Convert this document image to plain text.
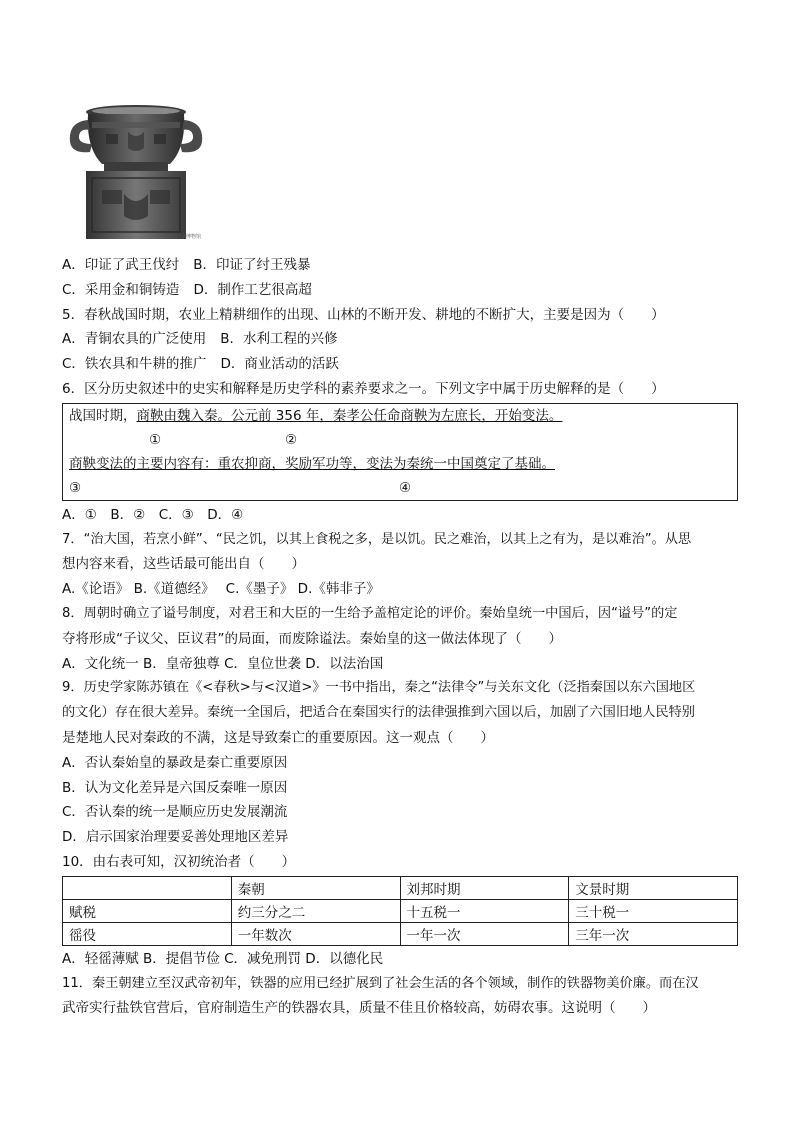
中国国家博物馆
A．印证了武王伐纣 B．印证了纣王残暴
C．采用金和铜铸造 D．制作工艺很高超
5．春秋战国时期，农业上精耕细作的出现、山林的不断开发、耕地的不断扩大，主要是因为（　　）
A．青铜农具的广泛使用 B．水利工程的兴修
C．铁农具和牛耕的推广 D．商业活动的活跃
6．区分历史叙述中的史实和解释是历史学科的素养要求之一。下列文字中属于历史解释的是（　　）
战国时期，商鞅由魏入秦。公元前 356 年，秦孝公任命商鞅为左庶长，开始变法。
①	②
商鞅变法的主要内容有：重农抑商，奖励军功等，变法为秦统一中国奠定了基础。
③	④
A．①　B．②　C．③　D．④
7．“治大国，若烹小鲜”、“民之饥，以其上食税之多，是以饥。民之难治，以其上之有为，是以难治”。从思
想内容来看，这些话最可能出自（　　）
A.《论语》 B.《道德经》　 C.《墨子》 D.《韩非子》
8．周朝时确立了谥号制度，对君王和大臣的一生给予盖棺定论的评价。秦始皇统一中国后，因“谥号”的定
夺将形成“子议父、臣议君”的局面，而废除谥法。秦始皇的这一做法体现了（　　）
A．文化统一 B．皇帝独尊 C．皇位世袭 D．以法治国
9．历史学家陈苏镇在《<春秋>与<汉道>》一书中指出，秦之“法律令”与关东文化（泛指秦国以东六国地区
的文化）存在很大差异。秦统一全国后，把适合在秦国实行的法律强推到六国以后，加剧了六国旧地人民特别
是楚地人民对秦政的不满，这是导致秦亡的重要原因。这一观点（　　）
A．否认秦始皇的暴政是秦亡重要原因
B．认为文化差异是六国反秦唯一原因
C．否认秦的统一是顺应历史发展潮流
D．启示国家治理要妥善处理地区差异
10．由右表可知，汉初统治者（　　）
	秦朝	刘邦时期	文景时期
赋税	约三分之二	十五税一	三十税一
徭役	一年数次	一年一次	三年一次
A．轻徭薄赋 B．提倡节俭 C．减免刑罚 D．以德化民
11．秦王朝建立至汉武帝初年，铁器的应用已经扩展到了社会生活的各个领域，制作的铁器物美价廉。而在汉
武帝实行盐铁官营后，官府制造生产的铁器农具，质量不佳且价格较高，妨碍农事。这说明（　　）
